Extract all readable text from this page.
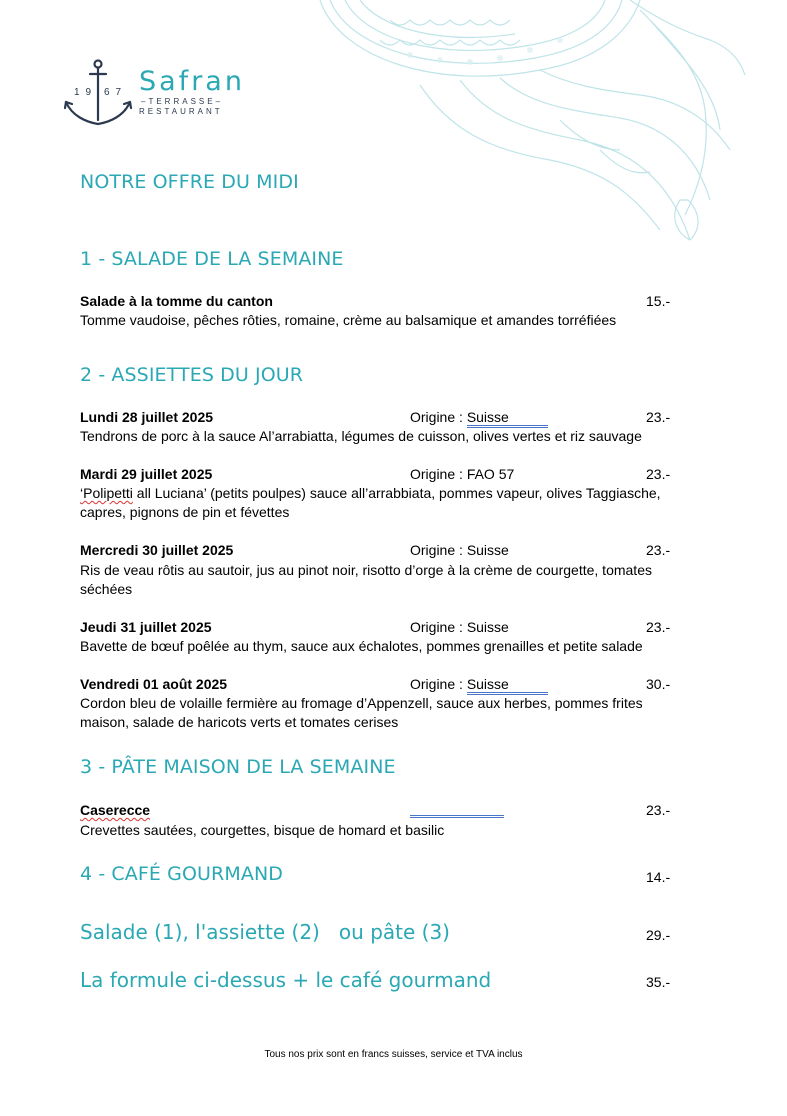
19 67 Safran
–TERRASSE–
RESTAURANT
NOTRE OFFRE DU MIDI
1 - SALADE DE LA SEMAINE
Salade à la tomme du canton	15.-
Tomme vaudoise, pêches rôties, romaine, crème au balsamique et amandes torréfiées
2 - ASSIETTES DU JOUR
Lundi 28 juillet 2025	Origine : Suisse	23.-
Tendrons de porc à la sauce Al’arrabiatta, légumes de cuisson, olives vertes et riz sauvage
Mardi 29 juillet 2025	Origine : FAO 57	23.-
‘Polipetti all Luciana’ (petits poulpes) sauce all’arrabbiata, pommes vapeur, olives Taggiasche, capres, pignons de pin et févettes
Mercredi 30 juillet 2025	Origine : Suisse	23.-
Ris de veau rôtis au sautoir, jus au pinot noir, risotto d’orge à la crème de courgette, tomates séchées
Jeudi 31 juillet 2025	Origine : Suisse	23.-
Bavette de bœuf poêlée au thym, sauce aux échalotes, pommes grenailles et petite salade
Vendredi 01 août 2025	Origine : Suisse	30.-
Cordon bleu de volaille fermière au fromage d’Appenzell, sauce aux herbes, pommes frites maison, salade de haricots verts et tomates cerises
3 - PÂTE MAISON DE LA SEMAINE
Caserecce	23.-
Crevettes sautées, courgettes, bisque de homard et basilic
4 - CAFÉ GOURMAND	14.-
Salade (1), l'assiette (2)   ou pâte (3)	29.-
La formule ci-dessus + le café gourmand	35.-
Tous nos prix sont en francs suisses, service et TVA inclus
